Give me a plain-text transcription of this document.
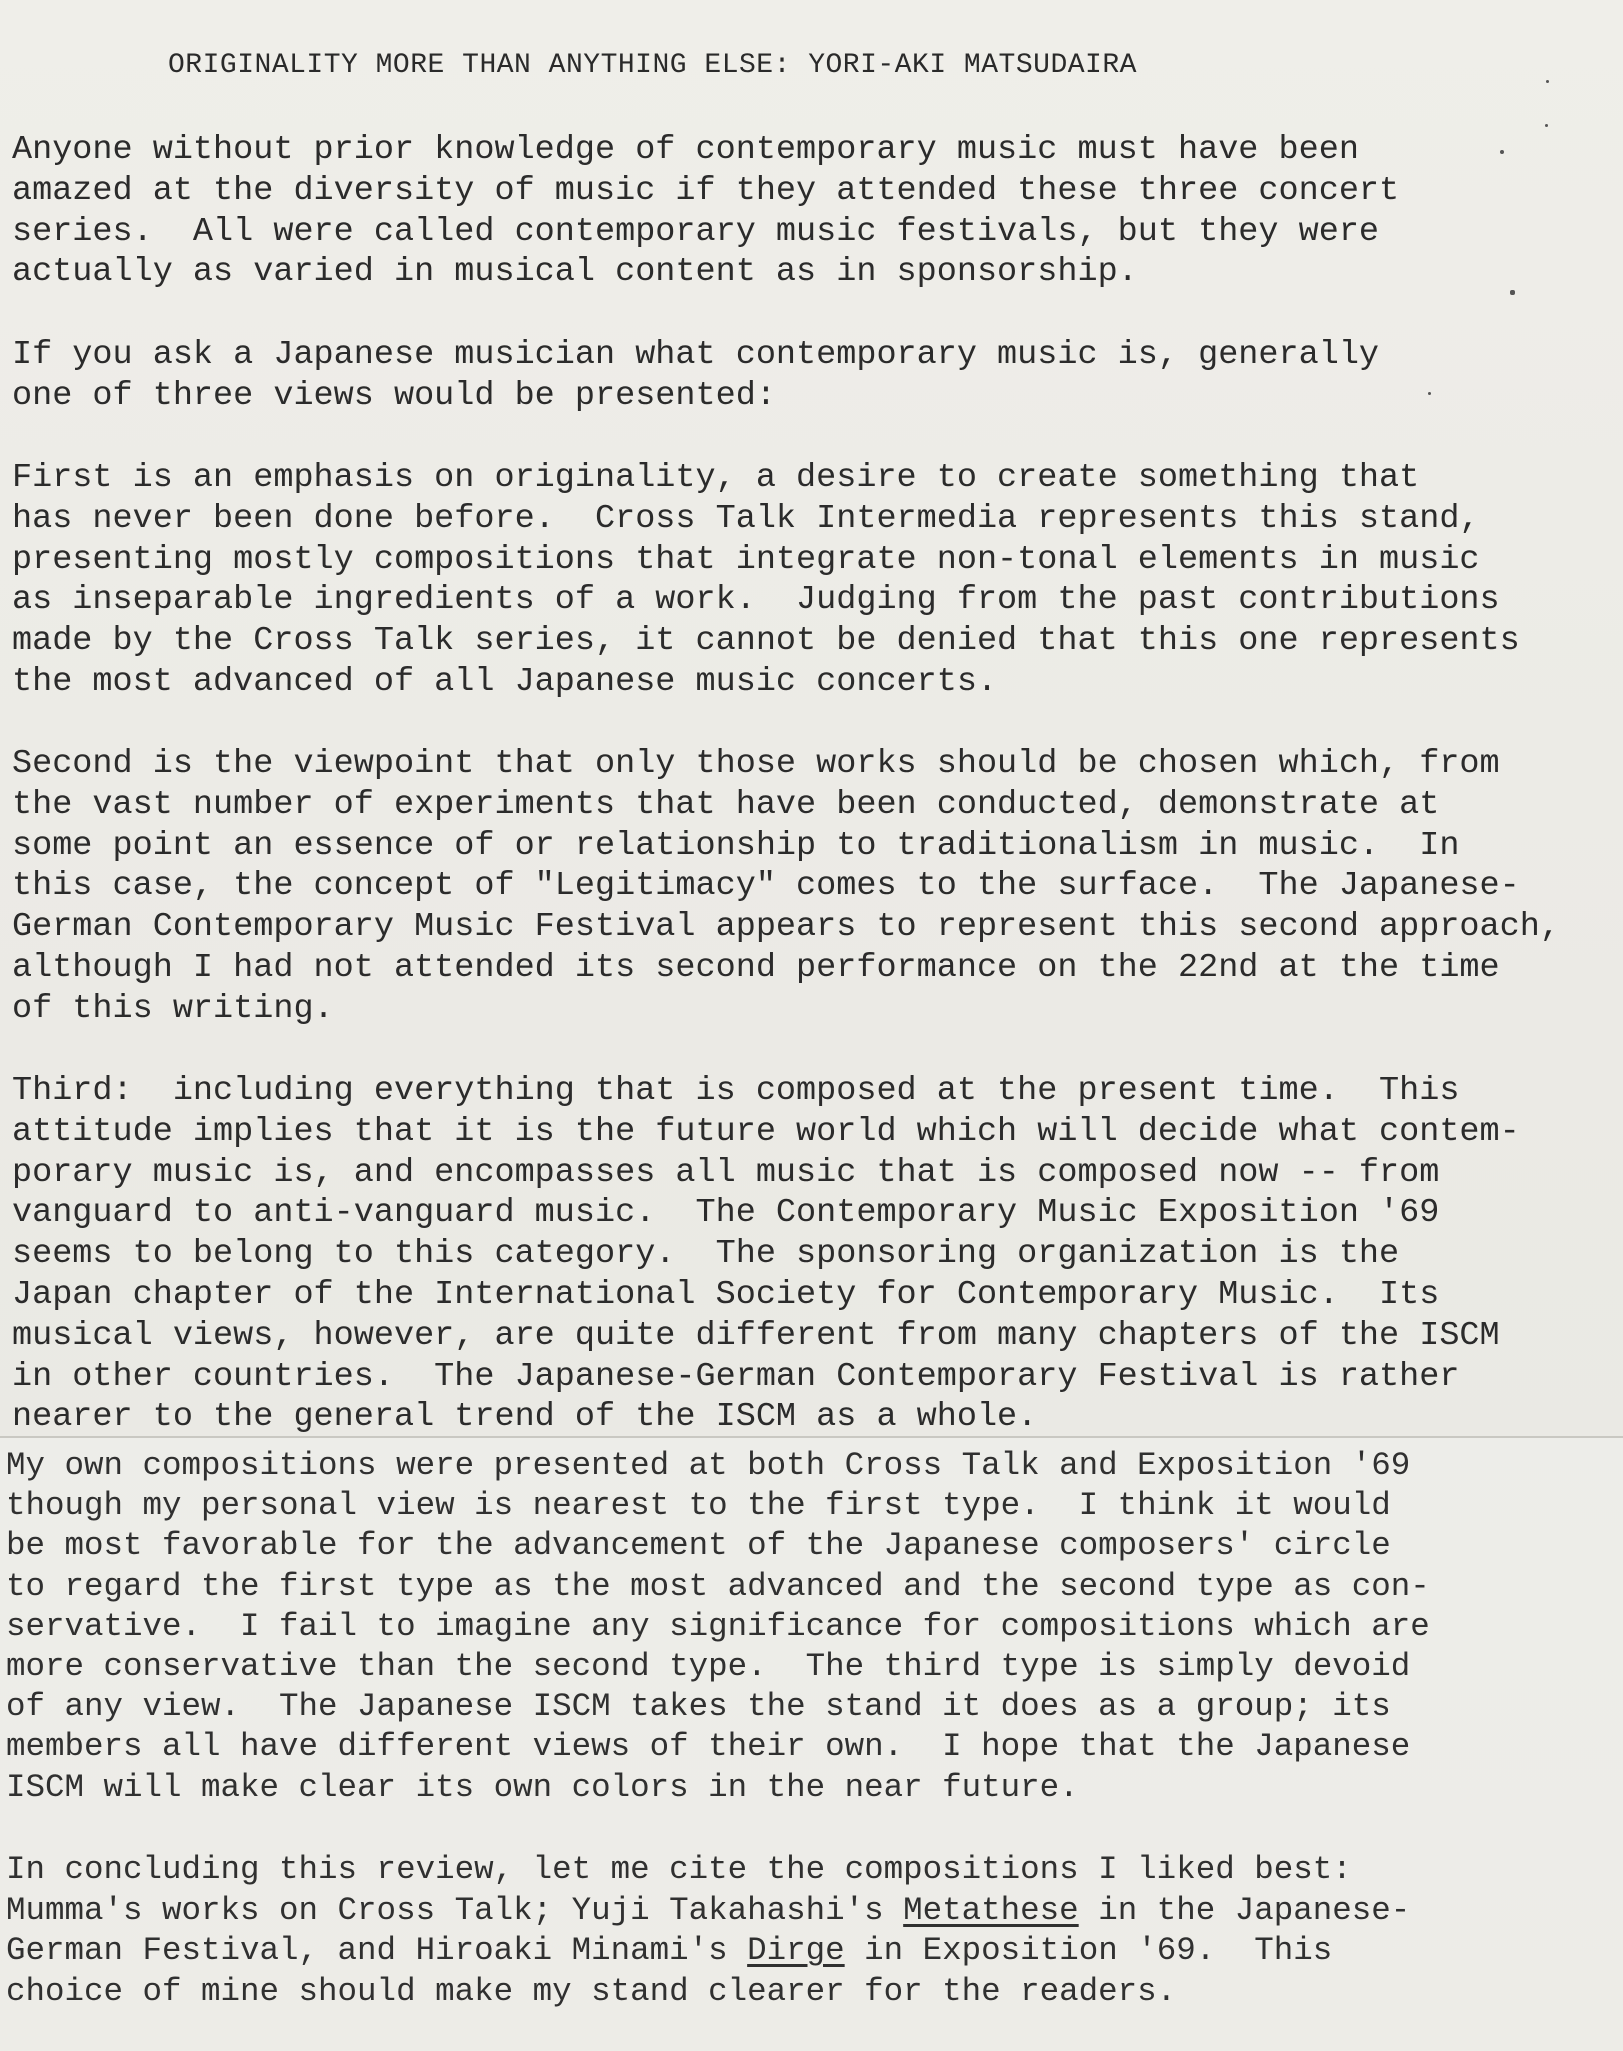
ORIGINALITY MORE THAN ANYTHING ELSE: YORI-AKI MATSUDAIRA
Anyone without prior knowledge of contemporary music must have been
amazed at the diversity of music if they attended these three concert
series.  All were called contemporary music festivals, but they were
actually as varied in musical content as in sponsorship.
If you ask a Japanese musician what contemporary music is, generally
one of three views would be presented:
First is an emphasis on originality, a desire to create something that
has never been done before.  Cross Talk Intermedia represents this stand,
presenting mostly compositions that integrate non-tonal elements in music
as inseparable ingredients of a work.  Judging from the past contributions
made by the Cross Talk series, it cannot be denied that this one represents
the most advanced of all Japanese music concerts.
Second is the viewpoint that only those works should be chosen which, from
the vast number of experiments that have been conducted, demonstrate at
some point an essence of or relationship to traditionalism in music.  In
this case, the concept of "Legitimacy" comes to the surface.  The Japanese-
German Contemporary Music Festival appears to represent this second approach,
although I had not attended its second performance on the 22nd at the time
of this writing.
Third:  including everything that is composed at the present time.  This
attitude implies that it is the future world which will decide what contem-
porary music is, and encompasses all music that is composed now -- from
vanguard to anti-vanguard music.  The Contemporary Music Exposition '69
seems to belong to this category.  The sponsoring organization is the
Japan chapter of the International Society for Contemporary Music.  Its
musical views, however, are quite different from many chapters of the ISCM
in other countries.  The Japanese-German Contemporary Festival is rather
nearer to the general trend of the ISCM as a whole.
My own compositions were presented at both Cross Talk and Exposition '69
though my personal view is nearest to the first type.  I think it would
be most favorable for the advancement of the Japanese composers' circle
to regard the first type as the most advanced and the second type as con-
servative.  I fail to imagine any significance for compositions which are
more conservative than the second type.  The third type is simply devoid
of any view.  The Japanese ISCM takes the stand it does as a group; its
members all have different views of their own.  I hope that the Japanese
ISCM will make clear its own colors in the near future.
In concluding this review, let me cite the compositions I liked best:
Mumma's works on Cross Talk; Yuji Takahashi's Metathese in the Japanese-
German Festival, and Hiroaki Minami's Dirge in Exposition '69.  This
choice of mine should make my stand clearer for the readers.
